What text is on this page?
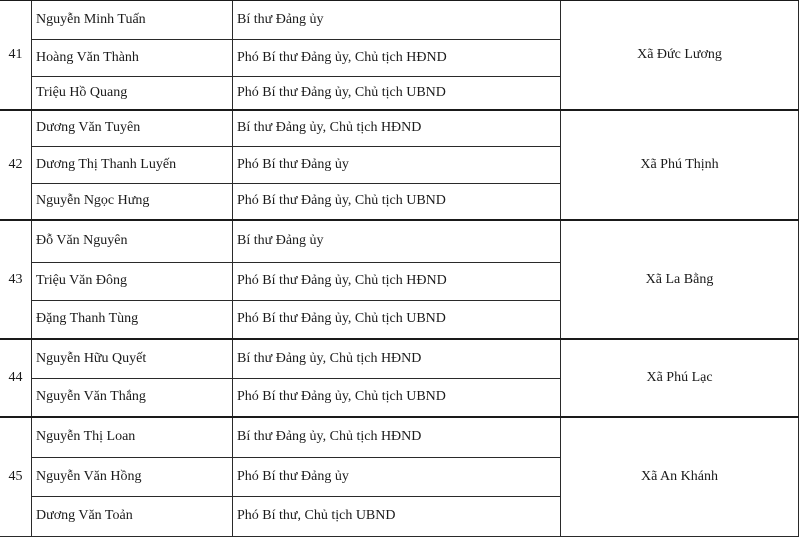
41	Nguyễn Minh Tuấn	Bí thư Đảng ủy	Xã Đức Lương
	Hoàng Văn Thành	Phó Bí thư Đảng ủy, Chủ tịch HĐND	
	Triệu Hồ Quang	Phó Bí thư Đảng ủy, Chủ tịch UBND	
42	Dương Văn Tuyên	Bí thư Đảng ủy, Chủ tịch HĐND	Xã Phú Thịnh
	Dương Thị Thanh Luyến	Phó Bí thư Đảng ủy	
	Nguyễn Ngọc Hưng	Phó Bí thư Đảng ủy, Chủ tịch UBND	
43	Đỗ Văn Nguyên	Bí thư Đảng ủy	Xã La Bằng
	Triệu Văn Đông	Phó Bí thư Đảng ủy, Chủ tịch HĐND	
	Đặng Thanh Tùng	Phó Bí thư Đảng ủy, Chủ tịch UBND	
44	Nguyễn Hữu Quyết	Bí thư Đảng ủy, Chủ tịch HĐND	Xã Phú Lạc
	Nguyễn Văn Thắng	Phó Bí thư Đảng ủy, Chủ tịch UBND	
45	Nguyễn Thị Loan	Bí thư Đảng ủy, Chủ tịch HĐND	Xã An Khánh
	Nguyễn Văn Hồng	Phó Bí thư Đảng ủy	
	Dương Văn Toản	Phó Bí thư, Chủ tịch UBND	
